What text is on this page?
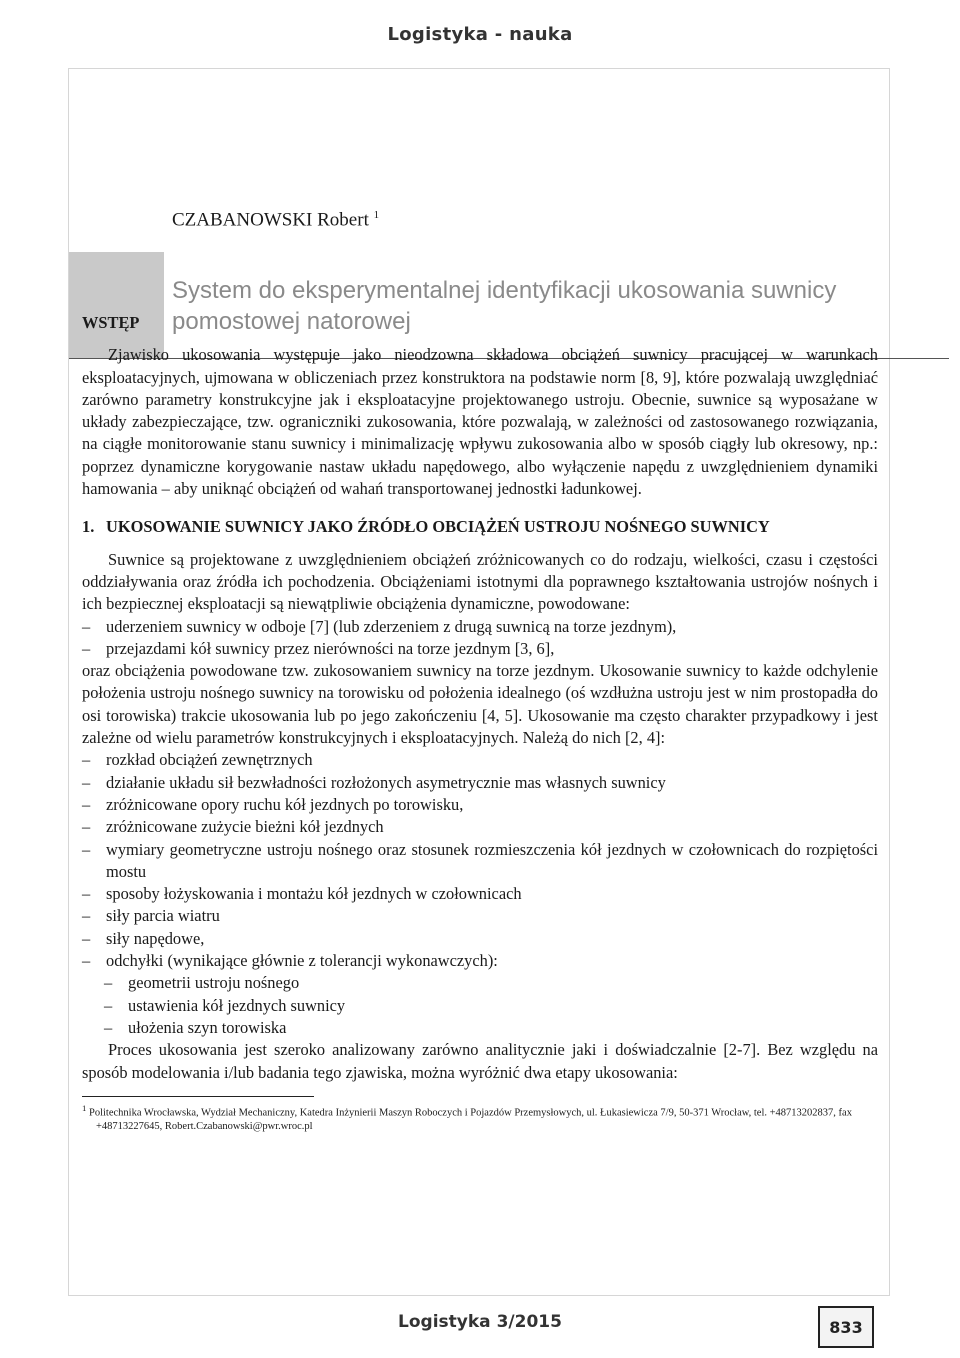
Logistyka - nauka
CZABANOWSKI Robert $^1$
System do eksperymentalnej identyfikacji ukosowania suwnicy
pomostowej natorowej
WSTĘP

Zjawisko ukosowania występuje jako nieodzowna składowa obciążeń suwnicy pracującej w warunkach eksploatacyjnych, ujmowana w obliczeniach przez konstruktora na podstawie norm [8, 9], które pozwalają uwzględniać zarówno parametry konstrukcyjne jak i eksploatacyjne projektowanego ustroju. Obecnie, suwnice są wyposażane w układy zabezpieczające, tzw. ograniczniki zukosowania, które pozwalają, w zależności od zastosowanego rozwiązania, na ciągłe monitorowanie stanu suwnicy i minimalizację wpływu zukosowania albo w sposób ciągły lub okresowy, np.: poprzez dynamiczne korygowanie nastaw układu napędowego, albo wyłączenie napędu z uwzględnieniem dynamiki hamowania – aby uniknąć obciążeń od wahań transportowanej jednostki ładunkowej.

1. UKOSOWANIE SUWNICY JAKO ŹRÓDŁO OBCIĄŻEŃ USTROJU NOŚNEGO SUWNICY

Suwnice są projektowane z uwzględnieniem obciążeń zróżnicowanych co do rodzaju, wielkości, czasu i częstości oddziaływania oraz źródła ich pochodzenia. Obciążeniami istotnymi dla poprawnego kształtowania ustrojów nośnych i ich bezpiecznej eksploatacji są niewątpliwie obciążenia dynamiczne, powodowane:

– uderzeniem suwnicy w odboje [7] (lub zderzeniem z drugą suwnicą na torze jezdnym),
– przejazdami kół suwnicy przez nierówności na torze jezdnym [3, 6],

oraz obciążenia powodowane tzw. zukosowaniem suwnicy na torze jezdnym. Ukosowanie suwnicy to każde odchylenie położenia ustroju nośnego suwnicy na torowisku od położenia idealnego (oś wzdłużna ustroju jest w nim prostopadła do osi torowiska) trakcie ukosowania lub po jego zakończeniu [4, 5]. Ukosowanie ma często charakter przypadkowy i jest zależne od wielu parametrów konstrukcyjnych i eksploatacyjnych. Należą do nich [2, 4]:

– rozkład obciążeń zewnętrznych
– działanie układu sił bezwładności rozłożonych asymetrycznie mas własnych suwnicy
– zróżnicowane opory ruchu kół jezdnych po torowisku,
– zróżnicowane zużycie bieżni kół jezdnych
– wymiary geometryczne ustroju nośnego oraz stosunek rozmieszczenia kół jezdnych w czołownicach do rozpiętości mostu
– sposoby łożyskowania i montażu kół jezdnych w czołownicach
– siły parcia wiatru
– siły napędowe,
– odchyłki (wynikające głównie z tolerancji wykonawczych):
– geometrii ustroju nośnego
– ustawienia kół jezdnych suwnicy
– ułożenia szyn torowiska

Proces ukosowania jest szeroko analizowany zarówno analitycznie jaki i doświadczalnie [2-7]. Bez względu na sposób modelowania i/lub badania tego zjawiska, można wyróżnić dwa etapy ukosowania:

$^1$ Politechnika Wrocławska, Wydział Mechaniczny, Katedra Inżynierii Maszyn Roboczych i Pojazdów Przemysłowych, ul. Łukasiewicza 7/9, 50-371 Wrocław, tel. +48713202837, fax +48713227645, Robert.Czabanowski@pwr.wroc.pl
Logistyka 3/2015	833
